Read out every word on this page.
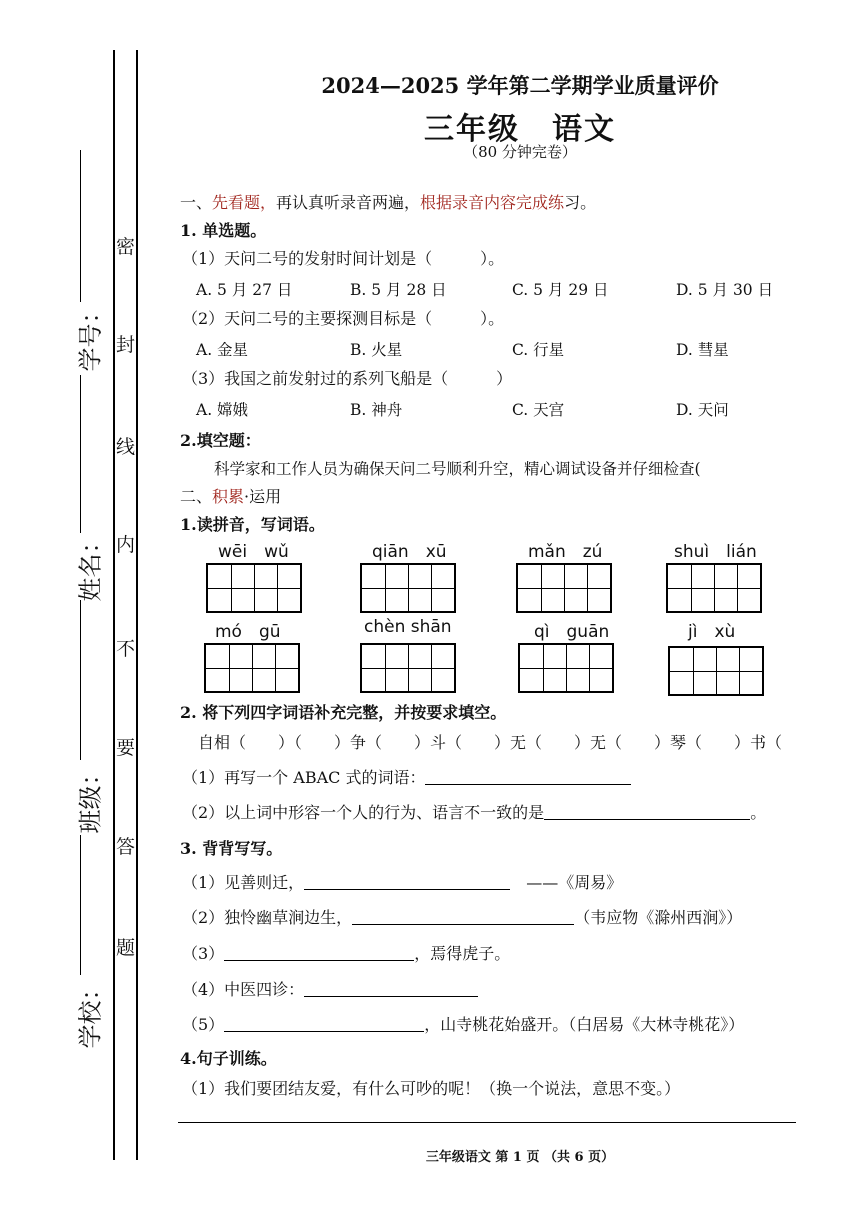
密
封
线
内
不
要
答
题
学号：
姓名：
班级：
学校：
2024—2025 学年第二学期学业质量评价
三年级　语文
（80 分钟完卷）
一、先看题，再认真听录音两遍，根据录音内容完成练习。
1. 单选题。
（1）天问二号的发射时间计划是（　　　）。
A. 5 月 27 日	B. 5 月 28 日	C. 5 月 29 日	D. 5 月 30 日
（2）天问二号的主要探测目标是（　　　）。
A. 金星	B. 火星	C. 行星	D. 彗星
（3）我国之前发射过的系列飞船是（　　　）
A. 嫦娥	B. 神舟	C. 天宫	D. 天问
2.填空题：
科学家和工作人员为确保天问二号顺利升空，精心调试设备并仔细检查(
二、积累·运用
1.读拼音，写词语。
wēi　wǔ	qiān　xū	mǎn　zú	shuì　lián
mó　gū	chèn shān	qì　guān	jì　xù
2. 将下列四字词语补充完整，并按要求填空。
自相（　　）（　　）争（　　）斗（　　）无（　　）无（　　）琴（　　）书（
（1）再写一个 ABAC 式的词语：
（2）以上词中形容一个人的行为、语言不一致的是	。
3. 背背写写。
（1）见善则迁，	——《周易》
（2）独怜幽草涧边生，	（韦应物《滁州西涧》）
（3）	，焉得虎子。
（4）中医四诊：
（5）	，山寺桃花始盛开。（白居易《大林寺桃花》）
4.句子训练。
（1）我们要团结友爱，有什么可吵的呢！（换一个说法，意思不变。）
三年级语文 第 1 页 （共 6 页）
